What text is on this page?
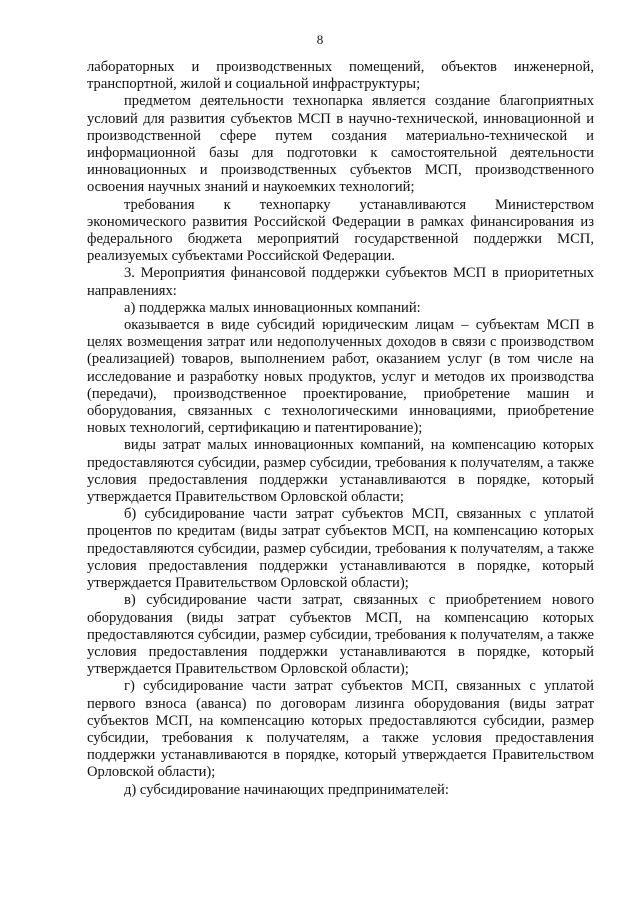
8

лабораторных и производственных помещений, объектов инженерной, транспортной, жилой и социальной инфраструктуры;

предметом деятельности технопарка является создание благоприятных условий для развития субъектов МСП в научно-технической, инновационной и производственной сфере путем создания материально-технической и информационной базы для подготовки к самостоятельной деятельности инновационных и производственных субъектов МСП, производственного освоения научных знаний и наукоемких технологий;

требования к технопарку устанавливаются Министерством экономического развития Российской Федерации в рамках финансирования из федерального бюджета мероприятий государственной поддержки МСП, реализуемых субъектами Российской Федерации.

3. Мероприятия финансовой поддержки субъектов МСП в приоритетных направлениях:

а) поддержка малых инновационных компаний:

оказывается в виде субсидий юридическим лицам – субъектам МСП в целях возмещения затрат или недополученных доходов в связи с производством (реализацией) товаров, выполнением работ, оказанием услуг (в том числе на исследование и разработку новых продуктов, услуг и методов их производства (передачи), производственное проектирование, приобретение машин и оборудования, связанных с технологическими инновациями, приобретение новых технологий, сертификацию и патентирование);

виды затрат малых инновационных компаний, на компенсацию которых предоставляются субсидии, размер субсидии, требования к получателям, а также условия предоставления поддержки устанавливаются в порядке, который утверждается Правительством Орловской области;

б) субсидирование части затрат субъектов МСП, связанных с уплатой процентов по кредитам (виды затрат субъектов МСП, на компенсацию которых предоставляются субсидии, размер субсидии, требования к получателям, а также условия предоставления поддержки устанавливаются в порядке, который утверждается Правительством Орловской области);

в) субсидирование части затрат, связанных с приобретением нового оборудования (виды затрат субъектов МСП, на компенсацию которых предоставляются субсидии, размер субсидии, требования к получателям, а также условия предоставления поддержки устанавливаются в порядке, который утверждается Правительством Орловской области);

г) субсидирование части затрат субъектов МСП, связанных с уплатой первого взноса (аванса) по договорам лизинга оборудования (виды затрат субъектов МСП, на компенсацию которых предоставляются субсидии, размер субсидии, требования к получателям, а также условия предоставления поддержки устанавливаются в порядке, который утверждается Правительством Орловской области);

д) субсидирование начинающих предпринимателей:
